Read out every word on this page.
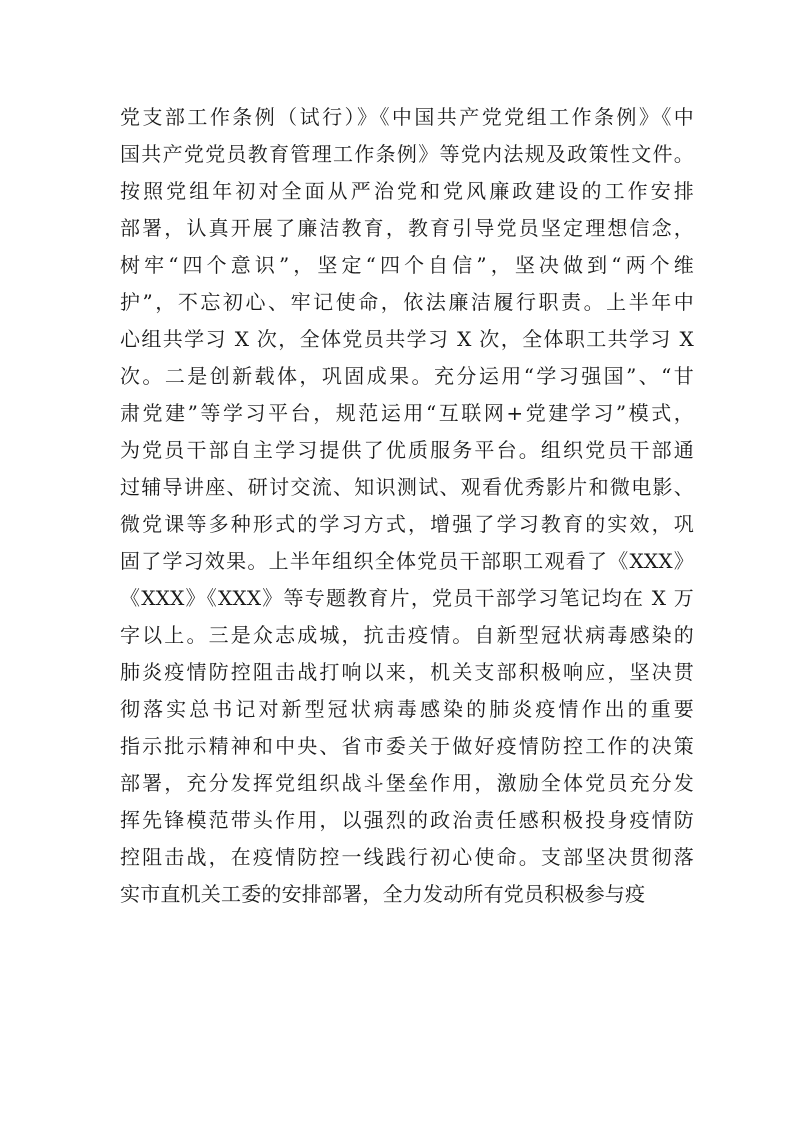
党支部工作条例（试行）》《中国共产党党组工作条例》《中
国共产党党员教育管理工作条例》等党内法规及政策性文件。
按照党组年初对全面从严治党和党风廉政建设的工作安排
部署，认真开展了廉洁教育，教育引导党员坚定理想信念，
树牢“四个意识”，坚定“四个自信”，坚决做到“两个维
护”，不忘初心、牢记使命，依法廉洁履行职责。上半年中
心组共学习 X 次，全体党员共学习 X 次，全体职工共学习 X
次。二是创新载体，巩固成果。充分运用“学习强国”、“甘
肃党建”等学习平台，规范运用“互联网+党建学习”模式，
为党员干部自主学习提供了优质服务平台。组织党员干部通
过辅导讲座、研讨交流、知识测试、观看优秀影片和微电影、
微党课等多种形式的学习方式，增强了学习教育的实效，巩
固了学习效果。上半年组织全体党员干部职工观看了《XXX》
《XXX》《XXX》等专题教育片，党员干部学习笔记均在 X 万
字以上。三是众志成城，抗击疫情。自新型冠状病毒感染的
肺炎疫情防控阻击战打响以来，机关支部积极响应，坚决贯
彻落实总书记对新型冠状病毒感染的肺炎疫情作出的重要
指示批示精神和中央、省市委关于做好疫情防控工作的决策
部署，充分发挥党组织战斗堡垒作用，激励全体党员充分发
挥先锋模范带头作用，以强烈的政治责任感积极投身疫情防
控阻击战，在疫情防控一线践行初心使命。支部坚决贯彻落
实市直机关工委的安排部署，全力发动所有党员积极参与疫
